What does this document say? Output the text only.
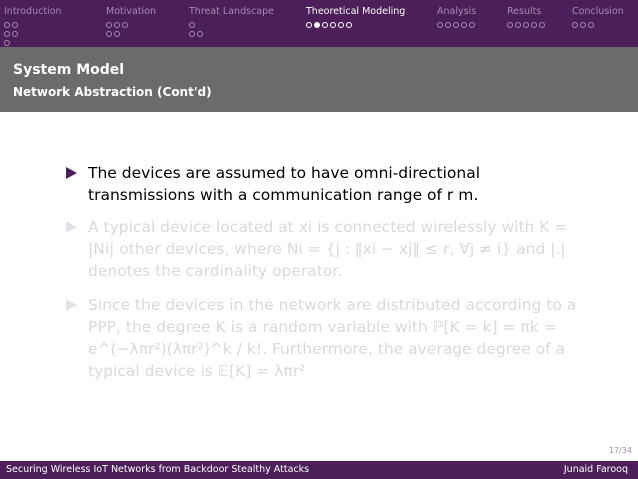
Introduction	Motivation	Threat Landscape	Theoretical Modeling	Analysis	Results	Conclusion
System Model
Network Abstraction (Cont'd)
The devices are assumed to have omni-directional transmissions with a communication range of r m.
A typical device located at xi is connected wirelessly with K = |Ni| other devices, where Ni = {j : ‖xi − xj‖ ≤ r, ∀j ≠ i} and |.| denotes the cardinality operator.
Since the devices in the network are distributed according to a PPP, the degree K is a random variable with ℙ[K = k] = πk = e^(−λπr²)(λπr²)^k / k!. Furthermore, the average degree of a typical device is 𝔼[K] = λπr²
17/34
Securing Wireless IoT Networks from Backdoor Stealthy Attacks	Junaid Farooq
